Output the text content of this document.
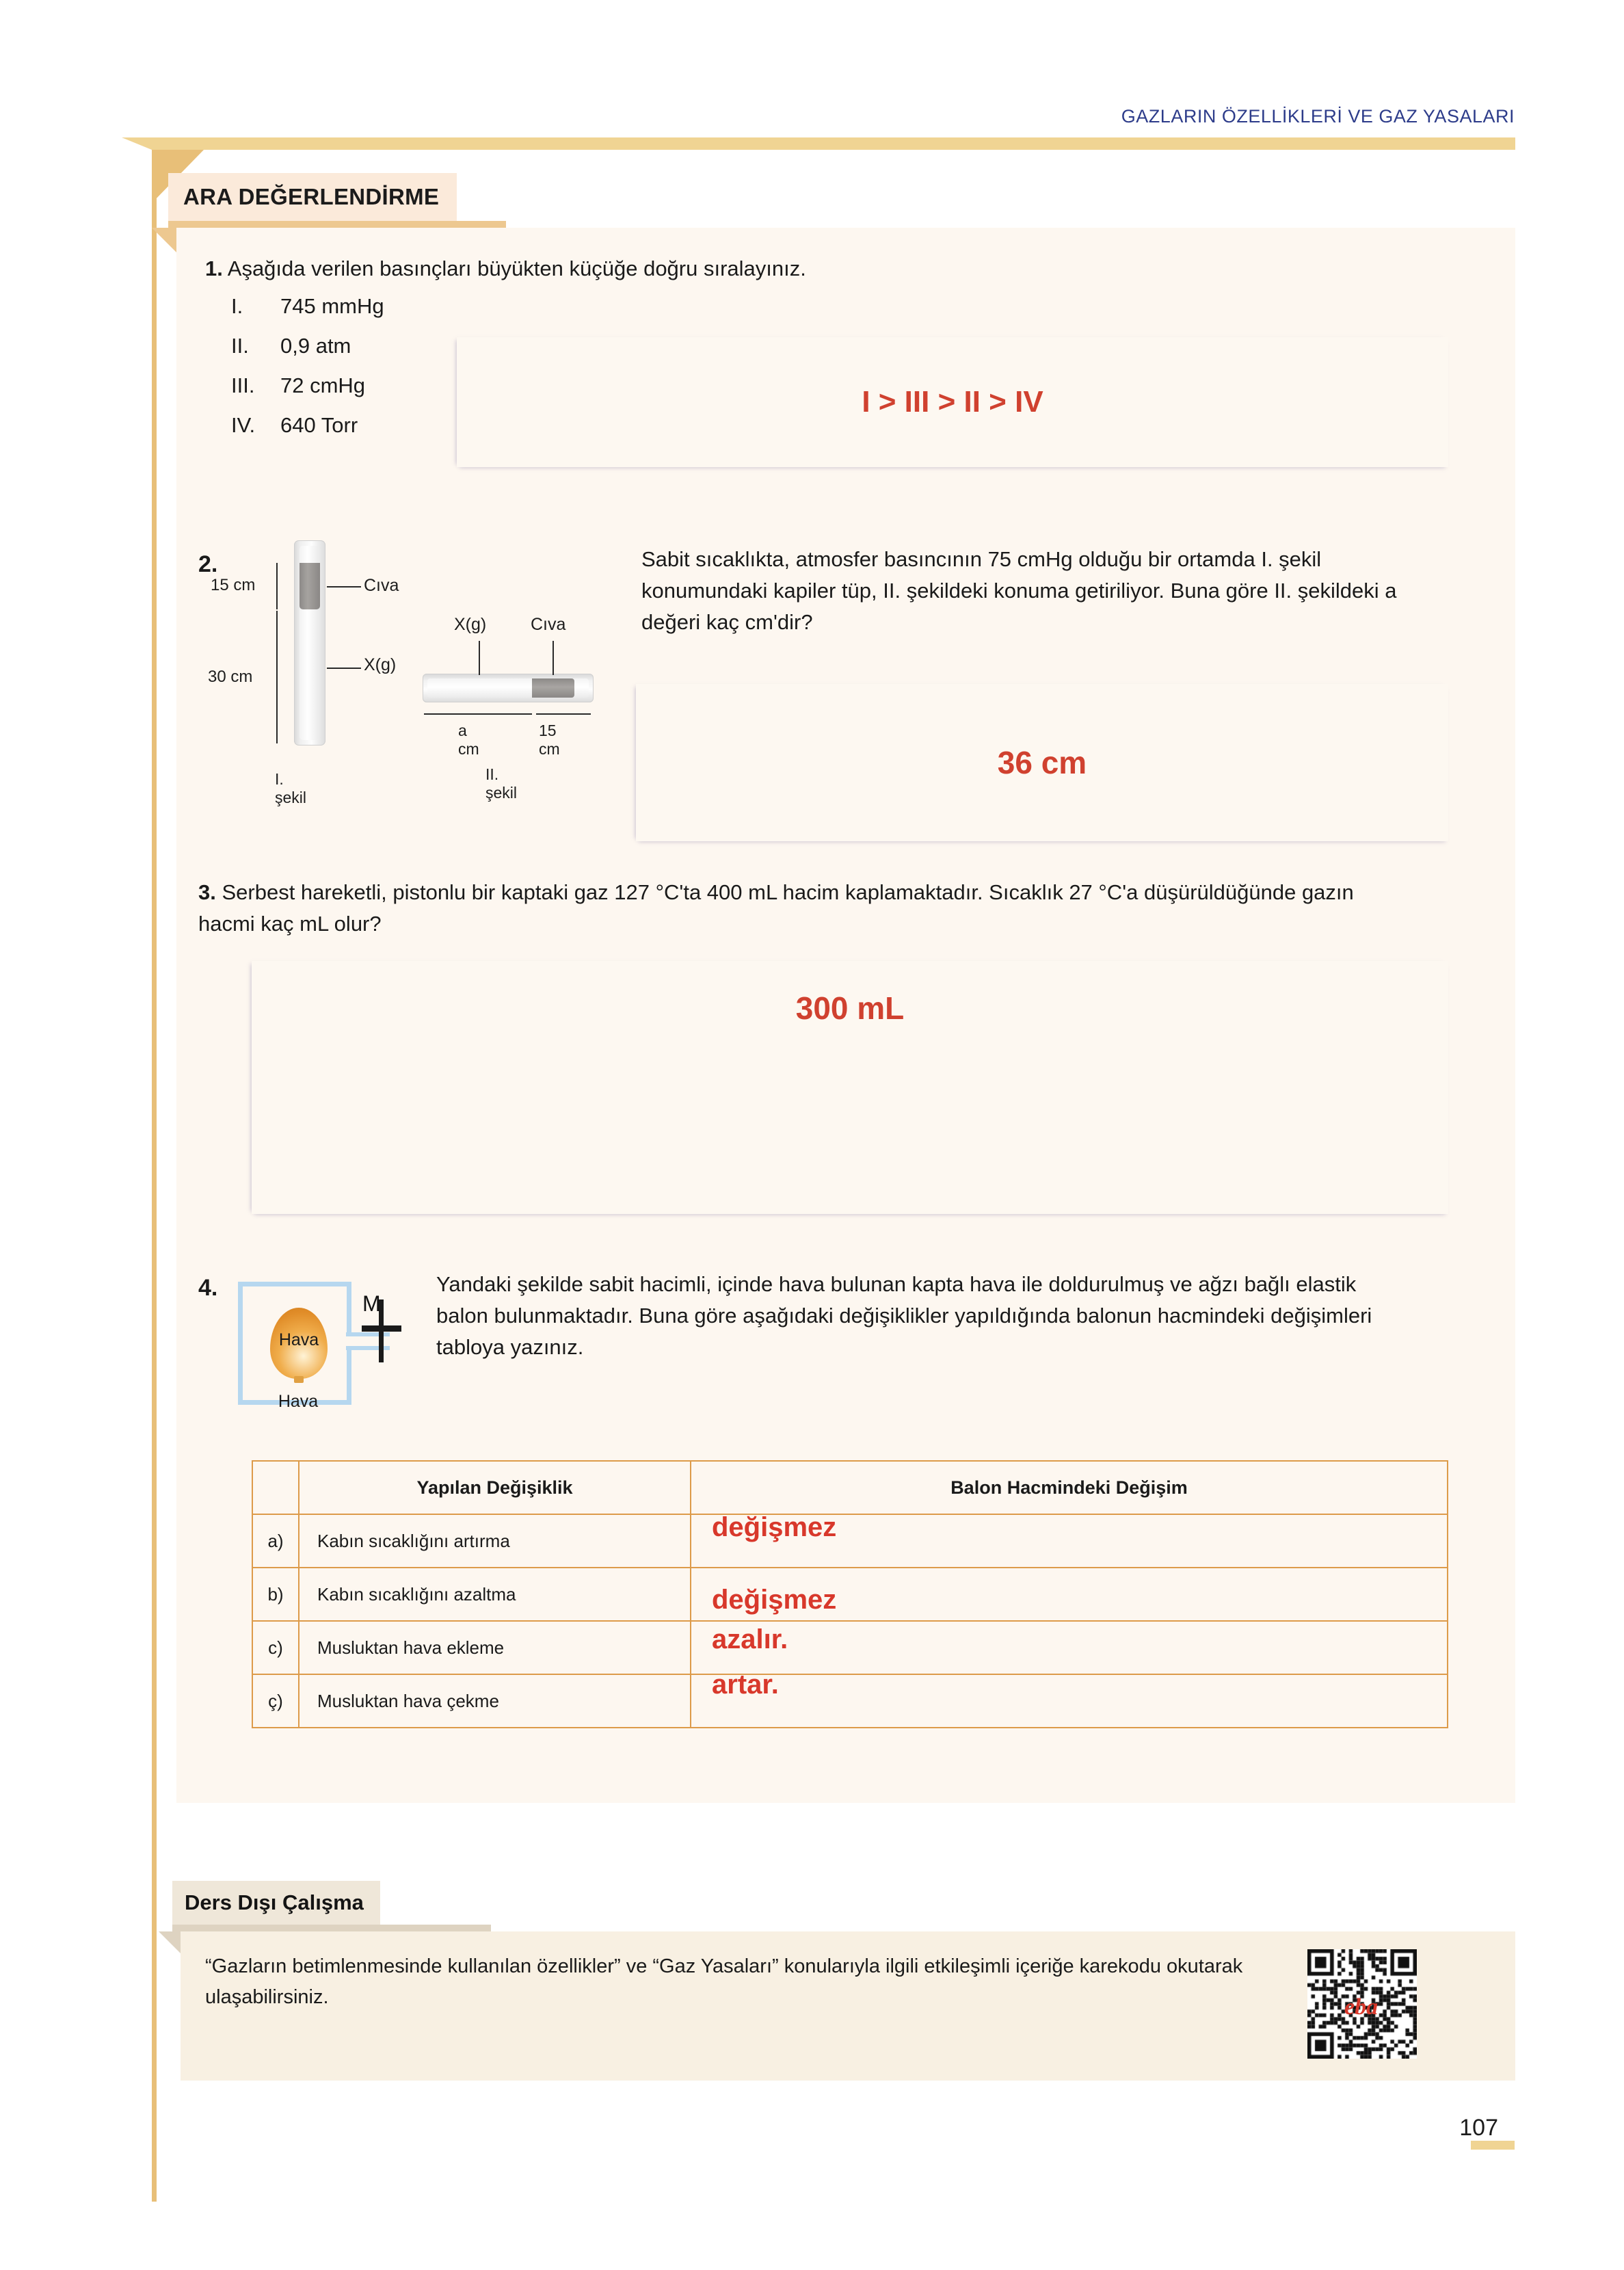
GAZLARIN ÖZELLİKLERİ VE GAZ YASALARI
ARA DEĞERLENDİRME
1. Aşağıda verilen basınçları büyükten küçüğe doğru sıralayınız.
I.	745 mmHg
II.	0,9 atm
III.	72 cmHg
IV.	640 Torr
I > III > II > IV
2.	Sabit sıcaklıkta, atmosfer basıncının 75 cmHg olduğu bir ortamda I. şekil konumundaki kapiler tüp, II. şekildeki konuma getiriliyor. Buna göre II. şekildeki a değeri kaç cm'dir?
15 cm
30 cm
Cıva
X(g)
I. şekil
X(g)	Cıva
a cm
15 cm
II. şekil
36 cm
3. Serbest hareketli, pistonlu bir kaptaki gaz 127 °C'ta 400 mL hacim kaplamaktadır. Sıcaklık 27 °C'a düşürüldüğünde gazın hacmi kaç mL olur?
300 mL
4.	Yandaki şekilde sabit hacimli, içinde hava bulunan kapta hava ile doldurulmuş ve ağzı bağlı elastik balon bulunmaktadır. Buna göre aşağıdaki değişiklikler yapıldığında balonun hacmindeki değişimleri tabloya yazınız.
Hava
Hava
M
	Yapılan Değişiklik	Balon Hacmindeki Değişim
a)	Kabın sıcaklığını artırma	değişmez

b)	Kabın sıcaklığını azaltma	değişmez

c)	Musluktan hava ekleme	azalır.

ç)	Musluktan hava çekme	artar.
Ders Dışı Çalışma
“Gazların betimlenmesinde kullanılan özellikler” ve “Gaz Yasaları” konularıyla ilgili etkileşimli içeriğe karekodu okutarak ulaşabilirsiniz.	eba
107
